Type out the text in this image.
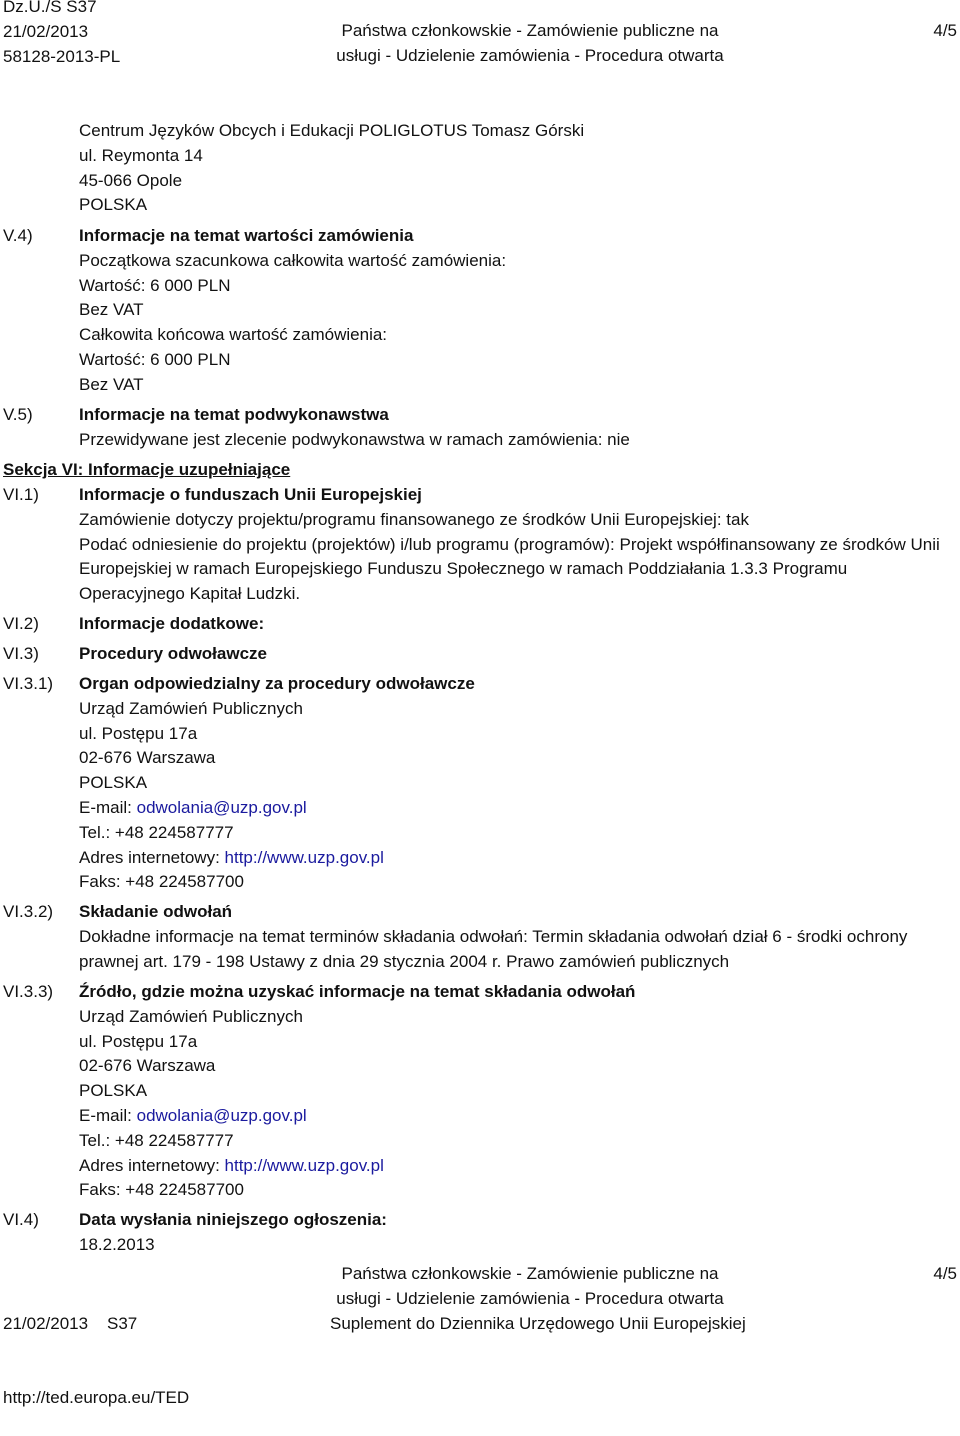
Dz.U./S S37
21/02/2013
58128-2013-PL
Państwa członkowskie - Zamówienie publiczne na
usługi - Udzielenie zamówienia - Procedura otwarta
4/5
Centrum Języków Obcych i Edukacji POLIGLOTUS Tomasz Górski
ul. Reymonta 14
45-066 Opole
POLSKA
V.4)	Informacje na temat wartości zamówienia
Początkowa szacunkowa całkowita wartość zamówienia:
Wartość: 6 000 PLN
Bez VAT
Całkowita końcowa wartość zamówienia:
Wartość: 6 000 PLN
Bez VAT
V.5)	Informacje na temat podwykonawstwa
Przewidywane jest zlecenie podwykonawstwa w ramach zamówienia: nie
Sekcja VI: Informacje uzupełniające
VI.1) Informacje o funduszach Unii Europejskiej
Zamówienie dotyczy projektu/programu finansowanego ze środków Unii Europejskiej: tak
Podać odniesienie do projektu (projektów) i/lub programu (programów): Projekt współfinansowany ze środków Unii Europejskiej w ramach Europejskiego Funduszu Społecznego w ramach Poddziałania 1.3.3 Programu Operacyjnego Kapitał Ludzki.
VI.2) Informacje dodatkowe:
VI.3) Procedury odwoławcze
VI.3.1) Organ odpowiedzialny za procedury odwoławcze
Urząd Zamówień Publicznych
ul. Postępu 17a
02-676 Warszawa
POLSKA
E-mail: odwolania@uzp.gov.pl
Tel.: +48 224587777
Adres internetowy: http://www.uzp.gov.pl
Faks: +48 224587700
VI.3.2) Składanie odwołań
Dokładne informacje na temat terminów składania odwołań: Termin składania odwołań dział 6 - środki ochrony prawnej art. 179 - 198 Ustawy z dnia 29 stycznia 2004 r. Prawo zamówień publicznych
VI.3.3) Źródło, gdzie można uzyskać informacje na temat składania odwołań
Urząd Zamówień Publicznych
ul. Postępu 17a
02-676 Warszawa
POLSKA
E-mail: odwolania@uzp.gov.pl
Tel.: +48 224587777
Adres internetowy: http://www.uzp.gov.pl
Faks: +48 224587700
VI.4) Data wysłania niniejszego ogłoszenia:
18.2.2013

21/02/2013    S37

http://ted.europa.eu/TED

Państwa członkowskie - Zamówienie publiczne na
usługi - Udzielenie zamówienia - Procedura otwarta
Suplement do Dziennika Urzędowego Unii Europejskiej
4/5
